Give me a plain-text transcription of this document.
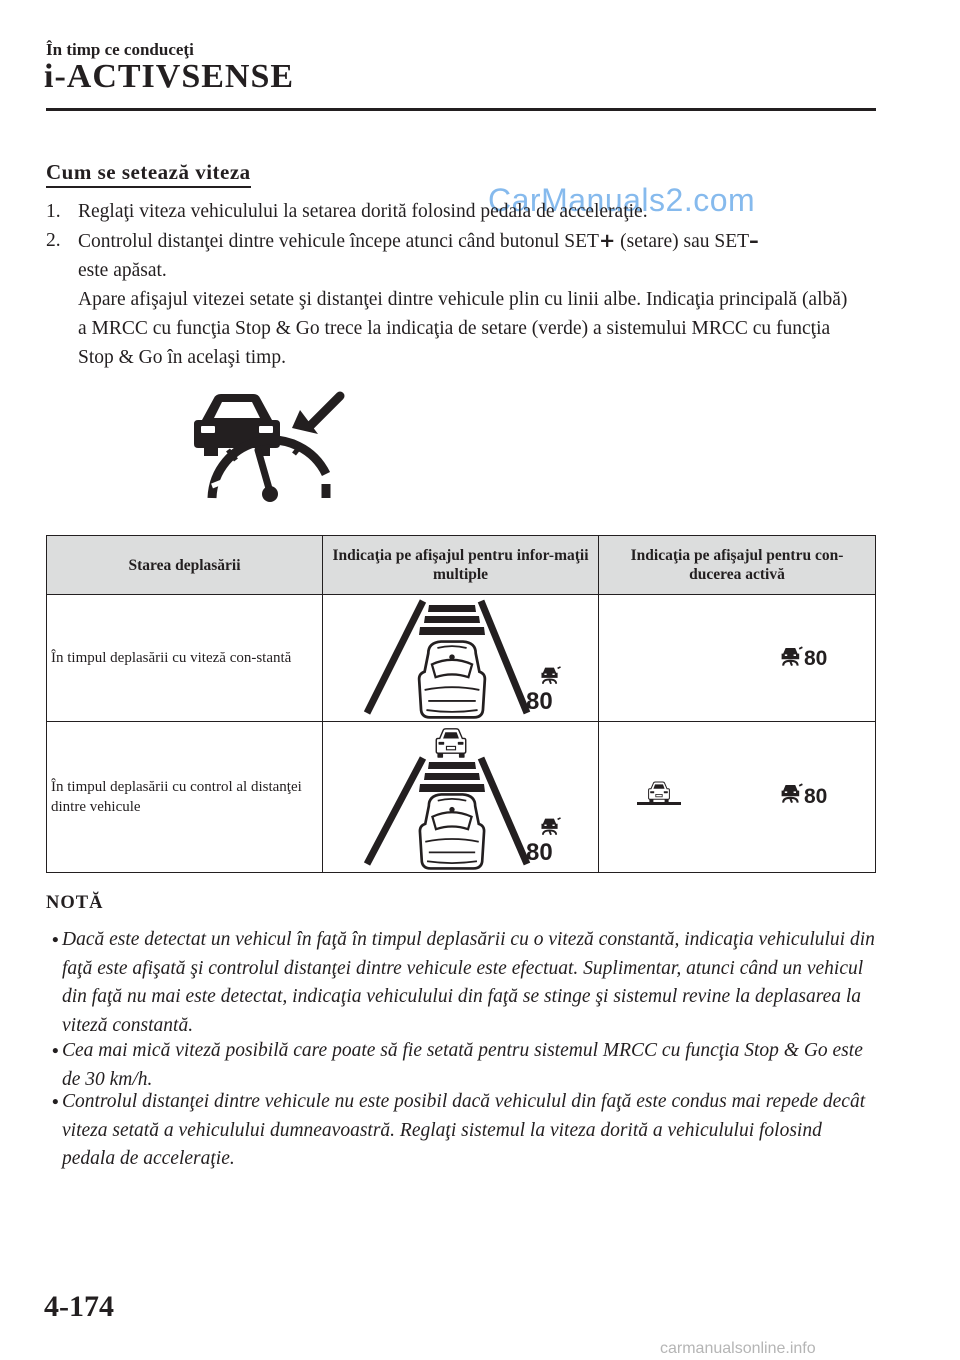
În timp ce conduceţi
i-ACTIVSENSE
Cum se setează viteza
CarManuals2.com
1. Reglaţi viteza vehiculului la setarea dorită folosind pedala de acceleraţie.
2. Controlul distanţei dintre vehicule începe atunci când butonul SET+ (setare) sau SET–
este apăsat.

Apare afişajul vitezei setate şi distanţei dintre vehicule plin cu linii albe. Indicaţia principală (albă) a MRCC cu funcţia Stop & Go trece la indicaţia de setare (verde) a sistemului MRCC cu funcţia Stop & Go în acelaşi timp.
Starea deplasării	Indicaţia pe afişajul pentru infor-maţii multiple	Indicaţia pe afişajul pentru con-ducerea activă
În timpul deplasării cu viteză con-stantă	80	80

În timpul deplasării cu control al distanţei dintre vehicule	80	80
NOTĂ
• Dacă este detectat un vehicul în faţă în timpul deplasării cu o viteză constantă, indicaţia vehiculului din faţă este afişată şi controlul distanţei dintre vehicule este efectuat. Suplimentar, atunci când un vehicul din faţă nu mai este detectat, indicaţia vehiculului din faţă se stinge şi sistemul revine la deplasarea la viteză constantă.
• Cea mai mică viteză posibilă care poate să fie setată pentru sistemul MRCC cu funcţia Stop & Go este de 30 km/h.
• Controlul distanţei dintre vehicule nu este posibil dacă vehiculul din faţă este condus mai repede decât viteza setată a vehiculului dumneavoastră. Reglaţi sistemul la viteza dorită a vehiculului folosind pedala de acceleraţie.
4-174
carmanualsonline.info
